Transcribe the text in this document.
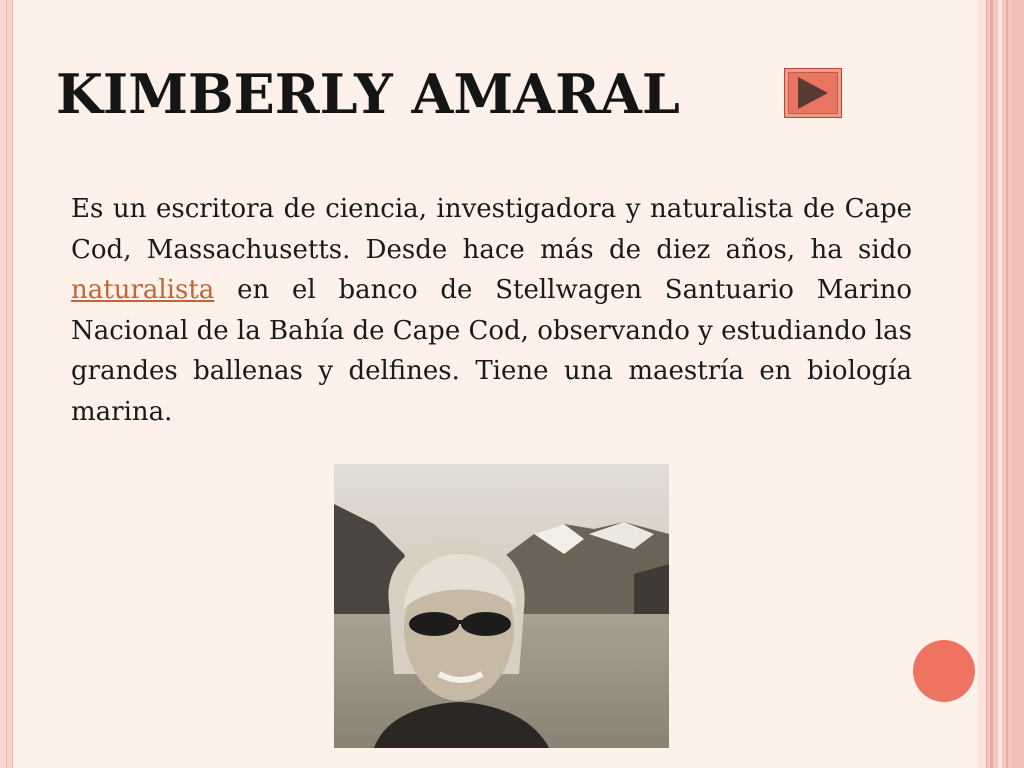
KIMBERLY AMARAL

Es un escritora de ciencia, investigadora y naturalista de Cape Cod, Massachusetts. Desde hace más de diez años, ha sido naturalista en el banco de Stellwagen Santuario Marino Nacional de la Bahía de Cape Cod, observando y estudiando las grandes ballenas y delfines. Tiene una maestría en biología marina.
